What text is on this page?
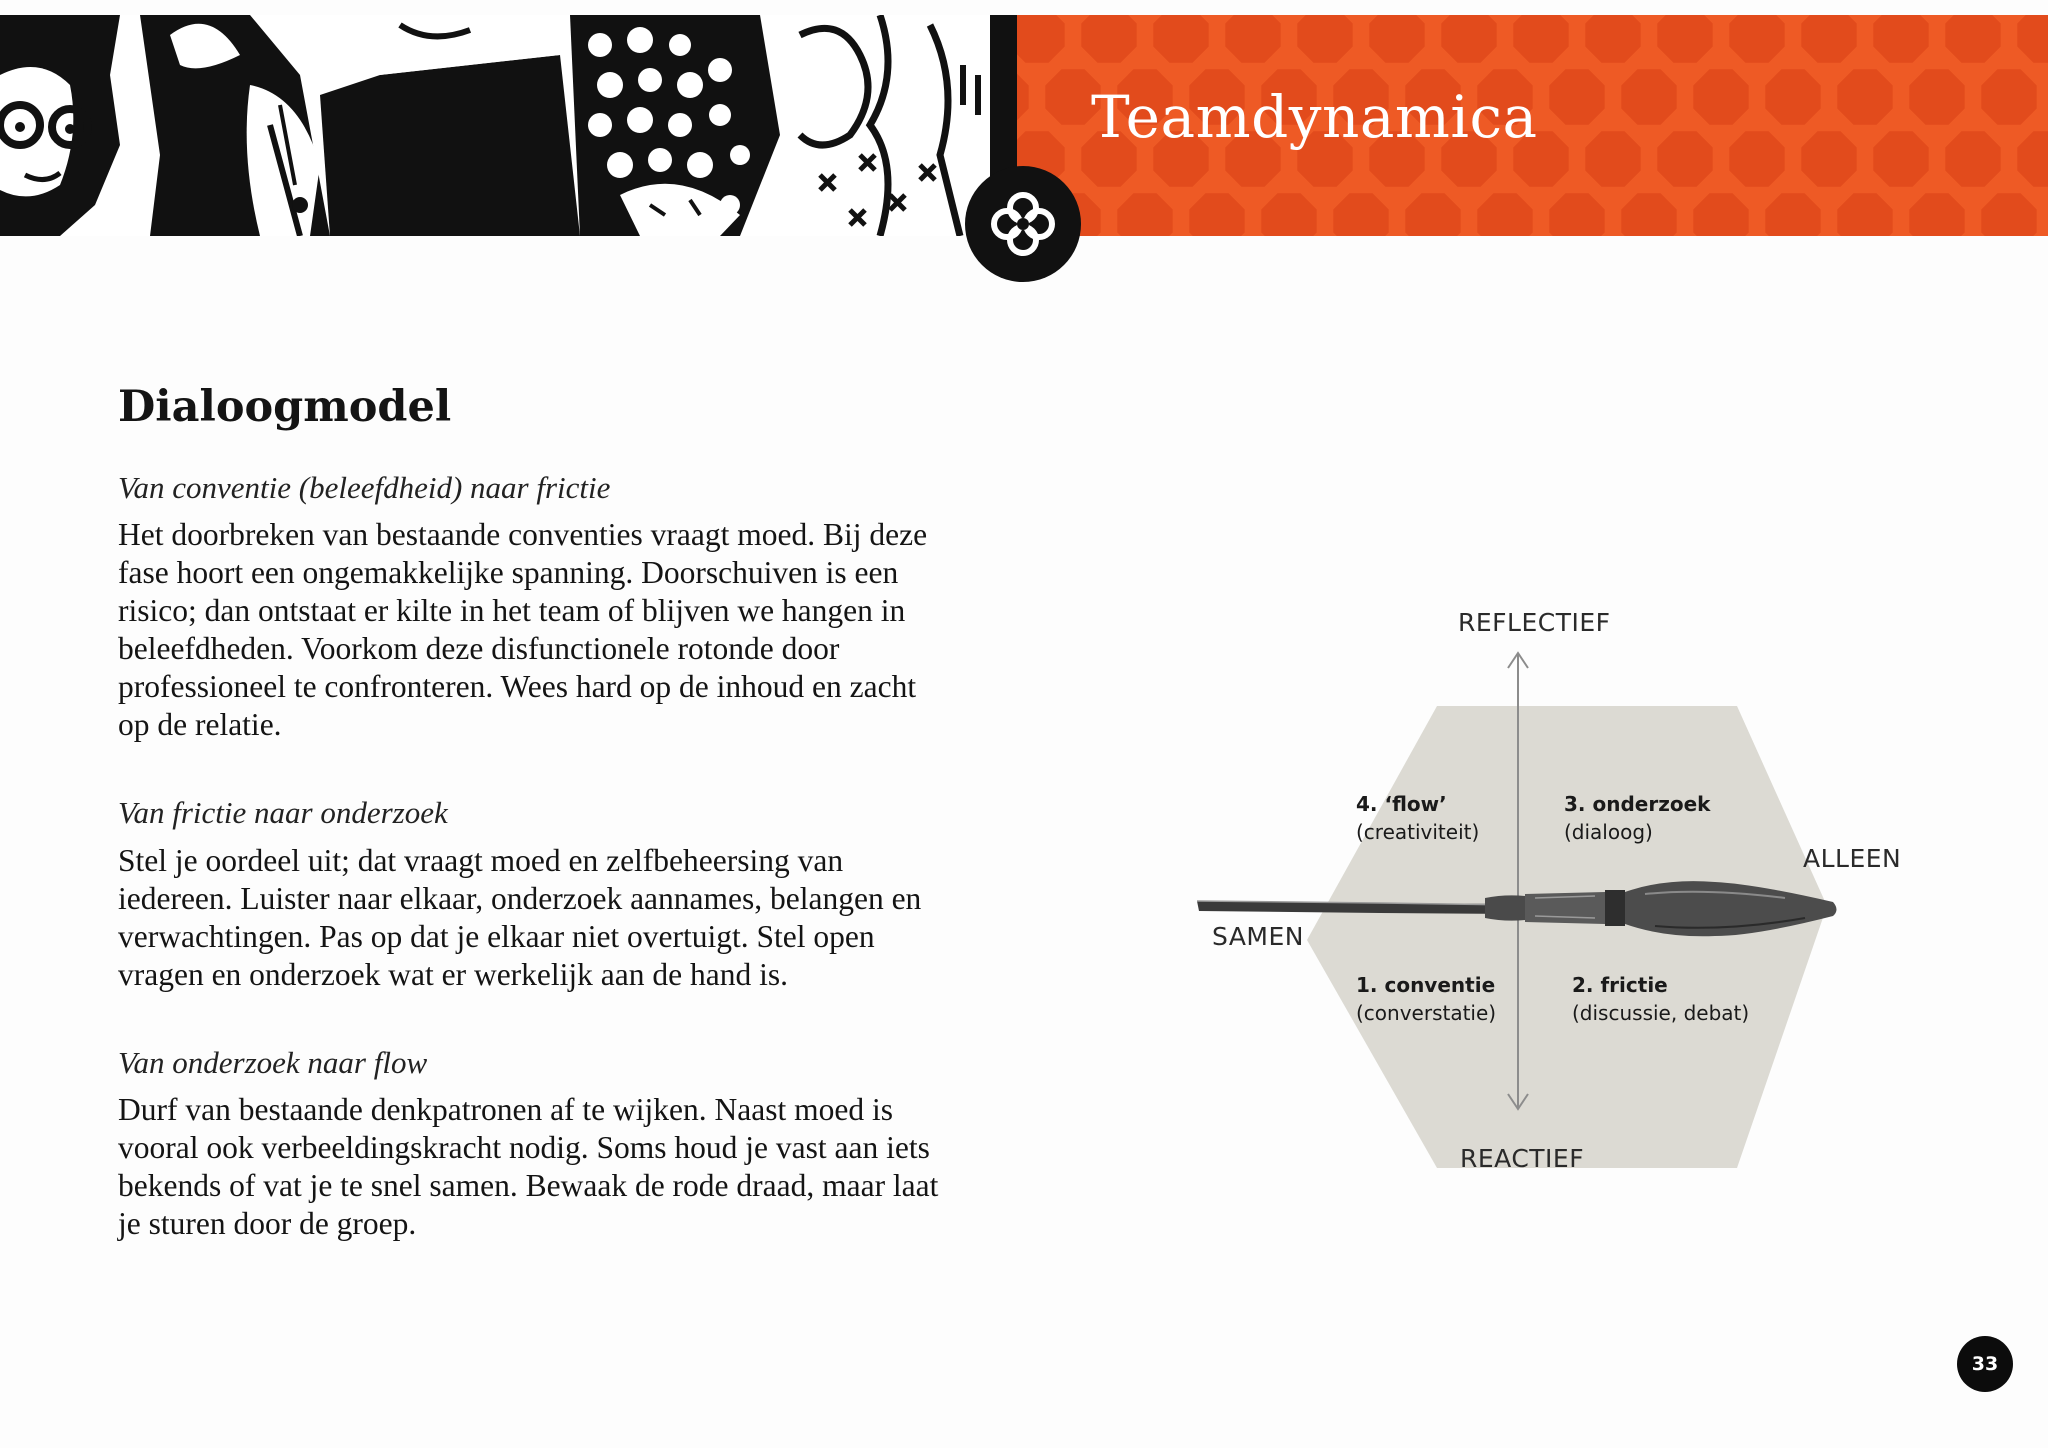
Teamdynamica
Dialoogmodel

Van conventie (beleefdheid) naar frictie

Het doorbreken van bestaande conventies vraagt moed. Bij deze
fase hoort een ongemakkelijke spanning. Doorschuiven is een
risico; dan ontstaat er kilte in het team of blijven we hangen in
beleefdheden. Voorkom deze disfunctionele rotonde door
professioneel te confronteren. Wees hard op de inhoud en zacht
op de relatie.

Van frictie naar onderzoek

Stel je oordeel uit; dat vraagt moed en zelfbeheersing van
iedereen. Luister naar elkaar, onderzoek aannames, belangen en
verwachtingen. Pas op dat je elkaar niet overtuigt. Stel open
vragen en onderzoek wat er werkelijk aan de hand is.

Van onderzoek naar flow

Durf van bestaande denkpatronen af te wijken. Naast moed is
vooral ook verbeeldingskracht nodig. Soms houd je vast aan iets
bekends of vat je te snel samen. Bewaak de rode draad, maar laat
je sturen door de groep.
REFLECTIEF
REACTIEF
SAMEN
ALLEEN
4. ‘flow’
(creativiteit)
3. onderzoek
(dialoog)
1. conventie
(converstatie)
2. frictie
(discussie, debat)
33
